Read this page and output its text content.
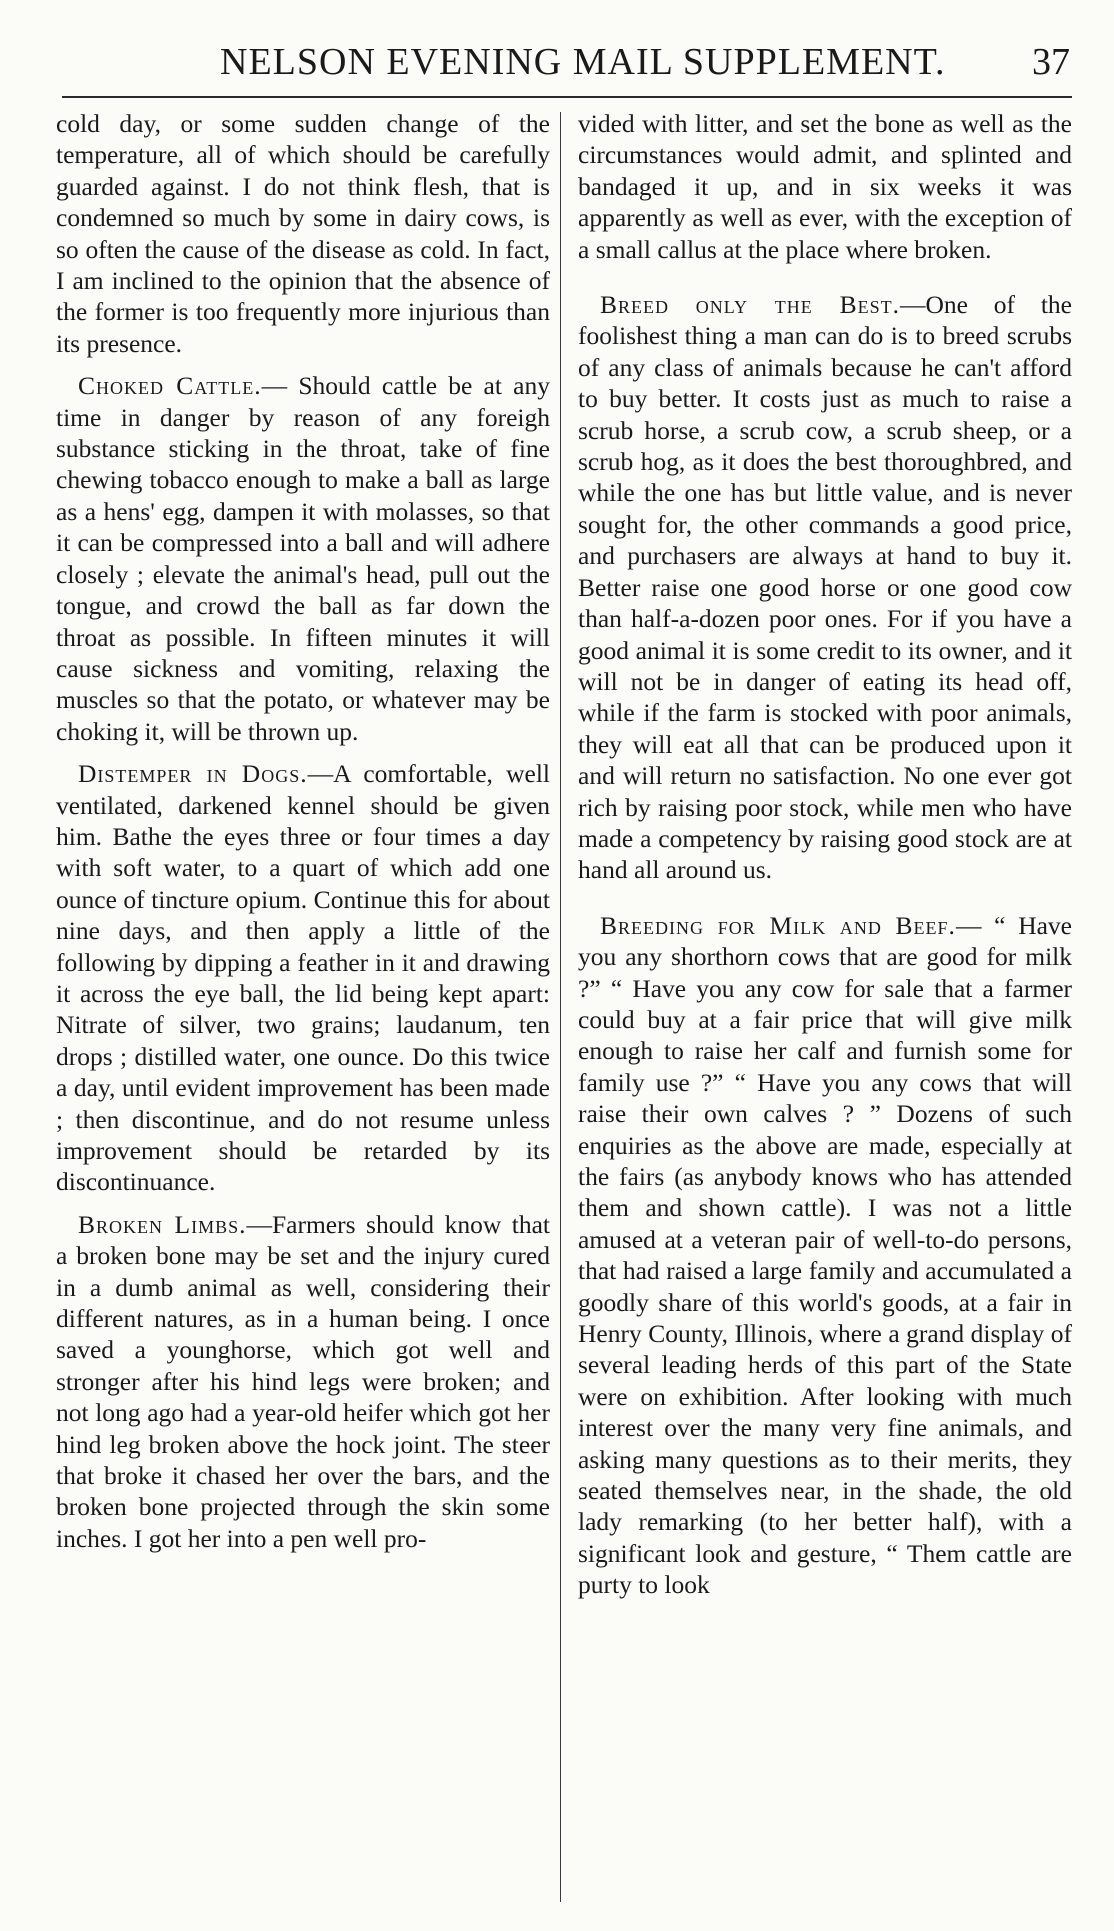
NELSON EVENING MAIL SUPPLEMENT.	37

cold day, or some sudden change of the temperature, all of which should be carefully guarded against. I do not think flesh, that is condemned so much by some in dairy cows, is so often the cause of the disease as cold. In fact, I am inclined to the opinion that the absence of the former is too frequently more injurious than its presence.

Choked Cattle.— Should cattle be at any time in danger by reason of any foreigh substance sticking in the throat, take of fine chewing tobacco enough to make a ball as large as a hens' egg, dampen it with molasses, so that it can be compressed into a ball and will adhere closely ; elevate the animal's head, pull out the tongue, and crowd the ball as far down the throat as possible. In fifteen minutes it will cause sickness and vomiting, relaxing the muscles so that the potato, or whatever may be choking it, will be thrown up.

Distemper in Dogs.—A comfortable, well ventilated, darkened kennel should be given him. Bathe the eyes three or four times a day with soft water, to a quart of which add one ounce of tincture opium. Continue this for about nine days, and then apply a little of the following by dipping a feather in it and drawing it across the eye ball, the lid being kept apart: Nitrate of silver, two grains; laudanum, ten drops ; distilled water, one ounce. Do this twice a day, until evident improvement has been made ; then discontinue, and do not resume unless improvement should be retarded by its discontinuance.

Broken Limbs.—Farmers should know that a broken bone may be set and the injury cured in a dumb animal as well, considering their different natures, as in a human being. I once saved a younghorse, which got well and stronger after his hind legs were broken; and not long ago had a year-old heifer which got her hind leg broken above the hock joint. The steer that broke it chased her over the bars, and the broken bone projected through the skin some inches. I got her into a pen well pro-

vided with litter, and set the bone as well as the circumstances would admit, and splinted and bandaged it up, and in six weeks it was apparently as well as ever, with the exception of a small callus at the place where broken.

Breed only the Best.—One of the foolishest thing a man can do is to breed scrubs of any class of animals because he can't afford to buy better. It costs just as much to raise a scrub horse, a scrub cow, a scrub sheep, or a scrub hog, as it does the best thoroughbred, and while the one has but little value, and is never sought for, the other commands a good price, and purchasers are always at hand to buy it. Better raise one good horse or one good cow than half-a-dozen poor ones. For if you have a good animal it is some credit to its owner, and it will not be in danger of eating its head off, while if the farm is stocked with poor animals, they will eat all that can be produced upon it and will return no satisfaction. No one ever got rich by raising poor stock, while men who have made a competency by raising good stock are at hand all around us.

Breeding for Milk and Beef.— “ Have you any shorthorn cows that are good for milk ?” “ Have you any cow for sale that a farmer could buy at a fair price that will give milk enough to raise her calf and furnish some for family use ?” “ Have you any cows that will raise their own calves ? ” Dozens of such enquiries as the above are made, especially at the fairs (as anybody knows who has attended them and shown cattle). I was not a little amused at a veteran pair of well-to-do persons, that had raised a large family and accumulated a goodly share of this world's goods, at a fair in Henry County, Illinois, where a grand display of several leading herds of this part of the State were on exhibition. After looking with much interest over the many very fine animals, and asking many questions as to their merits, they seated themselves near, in the shade, the old lady remarking (to her better half), with a significant look and gesture, “ Them cattle are purty to look
